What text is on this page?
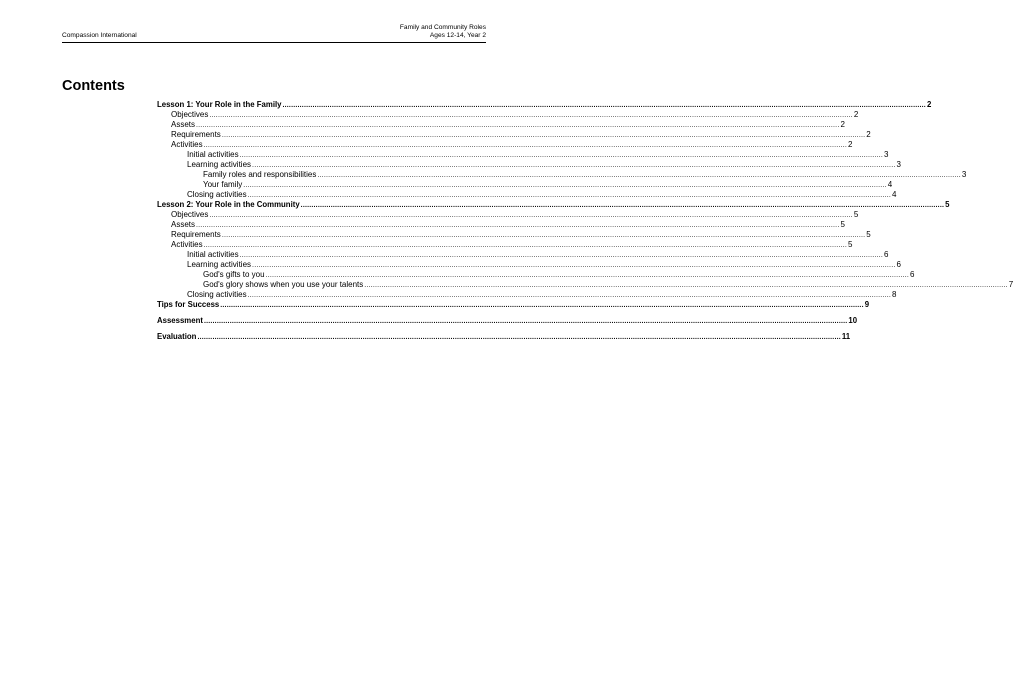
Compassion International
Family and Community Roles
Ages 12-14, Year 2
Contents
Lesson 1: Your Role in the Family ............................................................................................................................................................................................................................................................................................................ 2
Objectives ............................................................................................................................................................................................................................................................................................................ 2
Assets ............................................................................................................................................................................................................................................................................................................ 2
Requirements ............................................................................................................................................................................................................................................................................................................ 2
Activities ............................................................................................................................................................................................................................................................................................................ 2
Initial activities ............................................................................................................................................................................................................................................................................................................ 3
Learning activities ............................................................................................................................................................................................................................................................................................................ 3
Family roles and responsibilities ............................................................................................................................................................................................................................................................................................................ 3
Your family ............................................................................................................................................................................................................................................................................................................ 4
Closing activities ............................................................................................................................................................................................................................................................................................................ 4
Lesson 2: Your Role in the Community ............................................................................................................................................................................................................................................................................................................ 5
Objectives ............................................................................................................................................................................................................................................................................................................ 5
Assets ............................................................................................................................................................................................................................................................................................................ 5
Requirements ............................................................................................................................................................................................................................................................................................................ 5
Activities ............................................................................................................................................................................................................................................................................................................ 5
Initial activities ............................................................................................................................................................................................................................................................................................................ 6
Learning activities ............................................................................................................................................................................................................................................................................................................ 6
God's gifts to you ............................................................................................................................................................................................................................................................................................................ 6
God's glory shows when you use your talents ............................................................................................................................................................................................................................................................................................................ 7
Closing activities ............................................................................................................................................................................................................................................................................................................ 8
Tips for Success ............................................................................................................................................................................................................................................................................................................ 9
Assessment ............................................................................................................................................................................................................................................................................................................ 10
Evaluation ............................................................................................................................................................................................................................................................................................................ 11
